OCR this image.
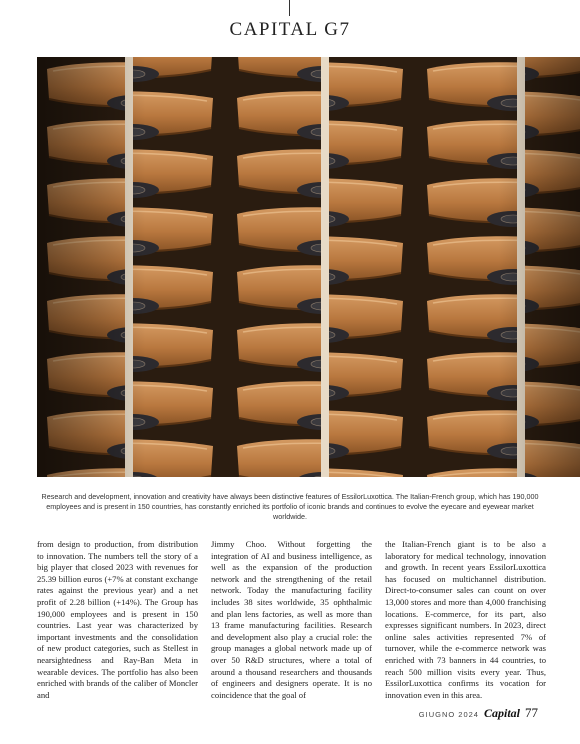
CAPITAL G7
Research and development, innovation and creativity have always been distinctive features of EssilorLuxottica. The Italian-French group, which has 190,000 employees and is present in 150 countries, has constantly enriched its portfolio of iconic brands and continues to evolve the eyecare and eyewear market worldwide.
from design to production, from distribution to innovation. The numbers tell the story of a big player that closed 2023 with revenues for 25.39 billion euros (+7% at constant exchange rates against the previous year) and a net profit of 2.28 billion (+14%). The Group has 190,000 employees and is present in 150 countries. Last year was characterized by important investments and the consolidation of new product categories, such as Stellest in nearsightedness and Ray-Ban Meta in wearable devices. The portfolio has also been enriched with brands of the caliber of Moncler and
Jimmy Choo. Without forgetting the integration of AI and business intelligence, as well as the expansion of the production network and the strengthening of the retail network. Today the manufacturing facility includes 38 sites worldwide, 35 ophthalmic and plan lens factories, as well as more than 13 frame manufacturing facilities. Research and development also play a crucial role: the group manages a global network made up of over 50 R&D structures, where a total of around a thousand researchers and thousands of engineers and designers operate. It is no coincidence that the goal of
the Italian-French giant is to be also a laboratory for medical technology, innovation and growth. In recent years EssilorLuxottica has focused on multichannel distribution. Direct-to-consumer sales can count on over 13,000 stores and more than 4,000 franchising locations. E-commerce, for its part, also expresses significant numbers. In 2023, direct online sales activities represented 7% of turnover, while the e-commerce network was enriched with 73 banners in 44 countries, to reach 500 million visits every year. Thus, EssilorLuxottica confirms its vocation for innovation even in this area.
GIUGNO 2024 Capital 77
